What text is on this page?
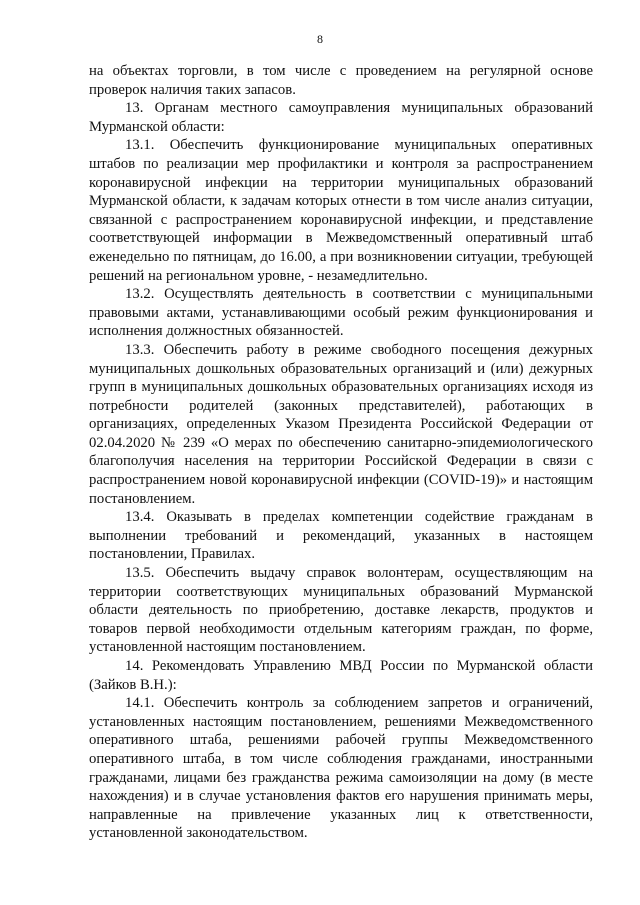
8

на объектах торговли, в том числе с проведением на регулярной основе проверок наличия таких запасов.

13. Органам местного самоуправления муниципальных образований Мурманской области:

13.1. Обеспечить функционирование муниципальных оперативных штабов по реализации мер профилактики и контроля за распространением коронавирусной инфекции на территории муниципальных образований Мурманской области, к задачам которых отнести в том числе анализ ситуации, связанной с распространением коронавирусной инфекции, и представление соответствующей информации в Межведомственный оперативный штаб еженедельно по пятницам, до 16.00, а при возникновении ситуации, требующей решений на региональном уровне, - незамедлительно.

13.2. Осуществлять деятельность в соответствии с муниципальными правовыми актами, устанавливающими особый режим функционирования и исполнения должностных обязанностей.

13.3. Обеспечить работу в режиме свободного посещения дежурных муниципальных дошкольных образовательных организаций и (или) дежурных групп в муниципальных дошкольных образовательных организациях исходя из потребности родителей (законных представителей), работающих в организациях, определенных Указом Президента Российской Федерации от 02.04.2020 № 239 «О мерах по обеспечению санитарно-эпидемиологического благополучия населения на территории Российской Федерации в связи с распространением новой коронавирусной инфекции (COVID-19)» и настоящим постановлением.

13.4. Оказывать в пределах компетенции содействие гражданам в выполнении требований и рекомендаций, указанных в настоящем постановлении, Правилах.

13.5. Обеспечить выдачу справок волонтерам, осуществляющим на территории соответствующих муниципальных образований Мурманской области деятельность по приобретению, доставке лекарств, продуктов и товаров первой необходимости отдельным категориям граждан, по форме, установленной настоящим постановлением.

14. Рекомендовать Управлению МВД России по Мурманской области (Зайков В.Н.):

14.1. Обеспечить контроль за соблюдением запретов и ограничений, установленных настоящим постановлением, решениями Межведомственного оперативного штаба, решениями рабочей группы Межведомственного оперативного штаба, в том числе соблюдения гражданами, иностранными гражданами, лицами без гражданства режима самоизоляции на дому (в месте нахождения) и в случае установления фактов его нарушения принимать меры, направленные на привлечение указанных лиц к ответственности, установленной законодательством.
